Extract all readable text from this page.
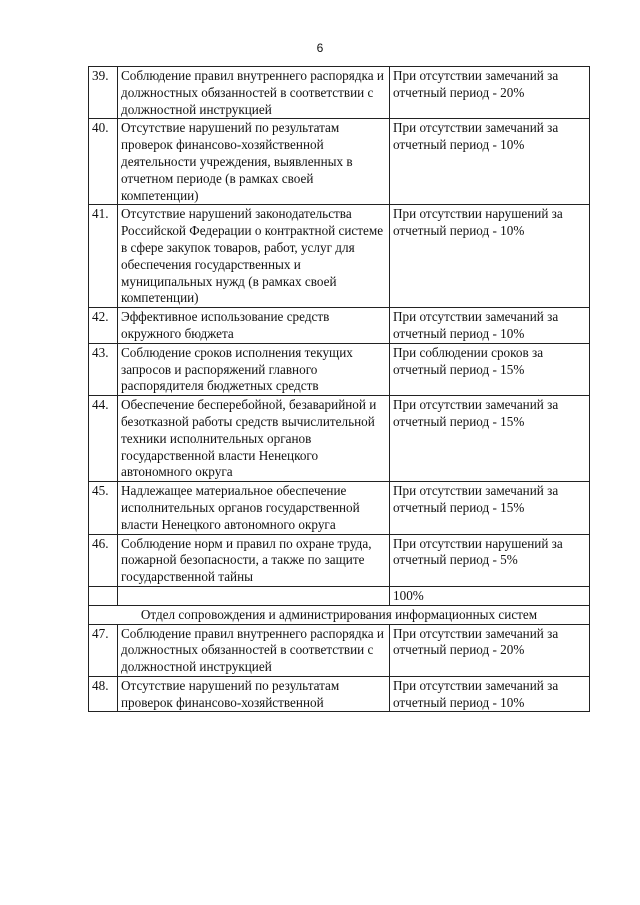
6
39.	Соблюдение правил внутреннего распорядка и должностных обязанностей в соответствии с должностной инструкцией	При отсутствии замечаний за отчетный период - 20%
40.	Отсутствие нарушений по результатам проверок финансово-хозяйственной деятельности учреждения, выявленных в отчетном периоде (в рамках своей компетенции)	При отсутствии замечаний за отчетный период - 10%
41.	Отсутствие нарушений законодательства Российской Федерации о контрактной системе в сфере закупок товаров, работ, услуг для обеспечения государственных и муниципальных нужд (в рамках своей компетенции)	При отсутствии нарушений за отчетный период - 10%
42.	Эффективное использование средств окружного бюджета	При отсутствии замечаний за отчетный период - 10%
43.	Соблюдение сроков исполнения текущих запросов и распоряжений главного распорядителя бюджетных средств	При соблюдении сроков за отчетный период - 15%
44.	Обеспечение бесперебойной, безаварийной и безотказной работы средств вычислительной техники исполнительных органов государственной власти Ненецкого автономного округа	При отсутствии замечаний за отчетный период - 15%
45.	Надлежащее материальное обеспечение исполнительных органов государственной власти Ненецкого автономного округа	При отсутствии замечаний за отчетный период - 15%
46.	Соблюдение норм и правил по охране труда, пожарной безопасности, а также по защите государственной тайны	При отсутствии нарушений за отчетный период - 5%
		100%
Отдел сопровождения и администрирования информационных систем		
47.	Соблюдение правил внутреннего распорядка и должностных обязанностей в соответствии с должностной инструкцией	При отсутствии замечаний за отчетный период - 20%
48.	Отсутствие нарушений по результатам проверок финансово-хозяйственной	При отсутствии замечаний за отчетный период - 10%
